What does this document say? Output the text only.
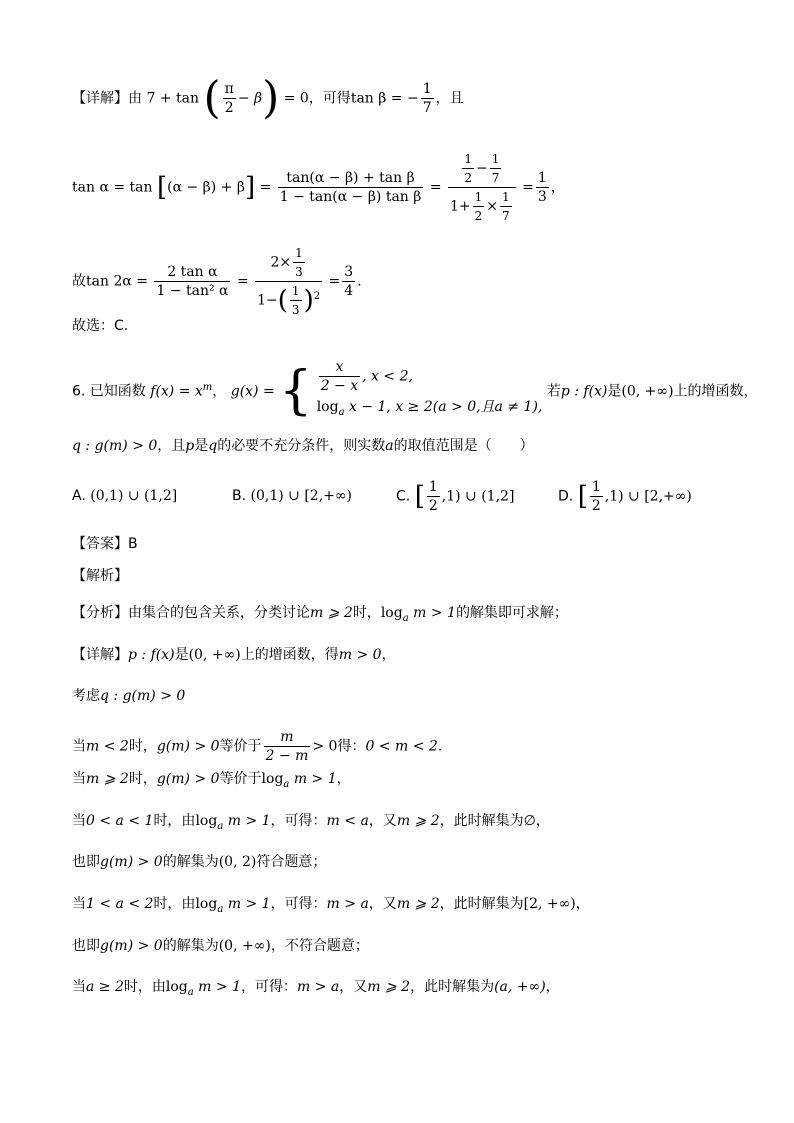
【详解】由 7 + tan ( $\frac{\pi}{2} - \beta) = 0$，可得tan β = − $\frac{1}{7}$ ，且
$\tan \alpha = \tan [(\alpha - \beta) + \beta] = \frac{\text{tan(α − β) + tan β}}{\text{1 − tan(α − β) tan β}} = \frac{\frac{1}{2} - \frac{1}{7}}{1+ \frac{1}{2} \times \frac{1}{7}} = \frac{1}{3}$ ，
故$\tan 2\alpha = \frac{\text{2 tan α}}{\text{1 − tan² α}} = \frac{2\times \frac{1}{3}}{1-( \frac{1}{3} )^2} = \frac{3}{4}$ .
故选：C.
6. 已知函数 $f(x) = x^m$， g(x) = { $\frac{x}{2 - x}$ , x < 2,
$\log_a x - 1$, x ≥ 2(a > 0,且a ≠ 1),
若p : f(x)是(0, +∞)上的增函数，
q : g(m) > 0，且p是q的必要不充分条件，则实数a的取值范围是（　　）
A. (0,1) ∪ (1,2]	B. (0,1) ∪ [2,+∞)	C. [ $\frac{1}{2} ,1$) ∪ (1,2]	D. [ $\frac{1}{2} ,1$) ∪ [2,+∞)
【答案】B
【解析】
【分析】由集合的包含关系，分类讨论m ⩾ 2时，$\log_a m > 1$的解集即可求解；
【详解】p : f(x)是(0, +∞)上的增函数，得m > 0，
考虑q : g(m) > 0
当m < 2时，g(m) > 0等价于 $\frac{m}{2 - m} > 0$得：0 < m < 2.
当m ⩾ 2时，g(m) > 0等价于$\log_a m > 1$，
当0 < a < 1时，由$\log_a m > 1$，可得：m < a，又m ⩾ 2，此时解集为∅，
也即g(m) > 0的解集为(0, 2)符合题意；
当1 < a < 2时，由$\log_a m > 1$，可得：m > a，又m ⩾ 2，此时解集为[2, +∞)，
也即g(m) > 0的解集为(0, +∞)，不符合题意；
当a ≥ 2时，由$\log_a m > 1$，可得：m > a，又m ⩾ 2，此时解集为(a, +∞)，
